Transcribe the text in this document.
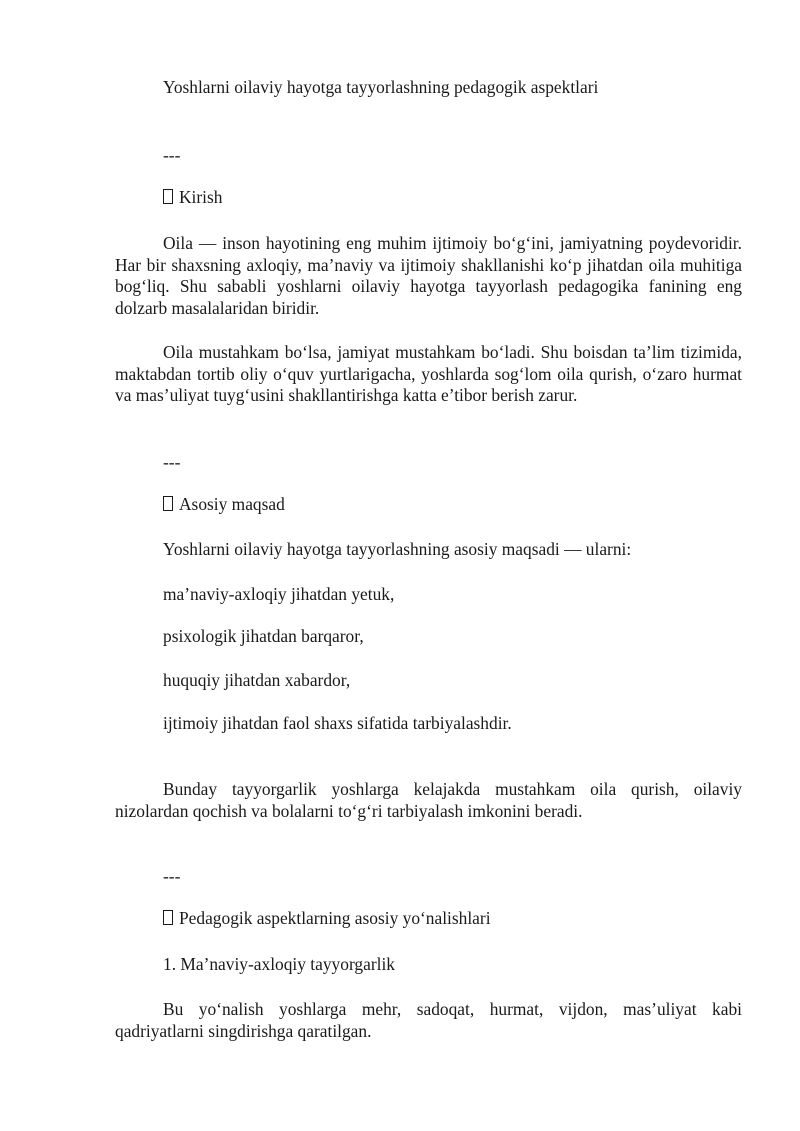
Yoshlarni oilaviy hayotga tayyorlashning pedagogik aspektlari

---

Kirish

Oila — inson hayotining eng muhim ijtimoiy bo‘g‘ini, jamiyatning poydevoridir. Har bir shaxsning axloqiy, ma’naviy va ijtimoiy shakllanishi ko‘p jihatdan oila muhitiga bog‘liq. Shu sababli yoshlarni oilaviy hayotga tayyorlash pedagogika fanining eng dolzarb masalalaridan biridir.

Oila mustahkam bo‘lsa, jamiyat mustahkam bo‘ladi. Shu boisdan ta’lim tizimida, maktabdan tortib oliy o‘quv yurtlarigacha, yoshlarda sog‘lom oila qurish, o‘zaro hurmat va mas’uliyat tuyg‘usini shakllantirishga katta e’tibor berish zarur.

---

Asosiy maqsad

Yoshlarni oilaviy hayotga tayyorlashning asosiy maqsadi — ularni:

ma’naviy-axloqiy jihatdan yetuk,

psixologik jihatdan barqaror,

huquqiy jihatdan xabardor,

ijtimoiy jihatdan faol shaxs sifatida tarbiyalashdir.

Bunday tayyorgarlik yoshlarga kelajakda mustahkam oila qurish, oilaviy nizolardan qochish va bolalarni to‘g‘ri tarbiyalash imkonini beradi.

---

Pedagogik aspektlarning asosiy yo‘nalishlari

1. Ma’naviy-axloqiy tayyorgarlik

Bu yo‘nalish yoshlarga mehr, sadoqat, hurmat, vijdon, mas’uliyat kabi qadriyatlarni singdirishga qaratilgan.
